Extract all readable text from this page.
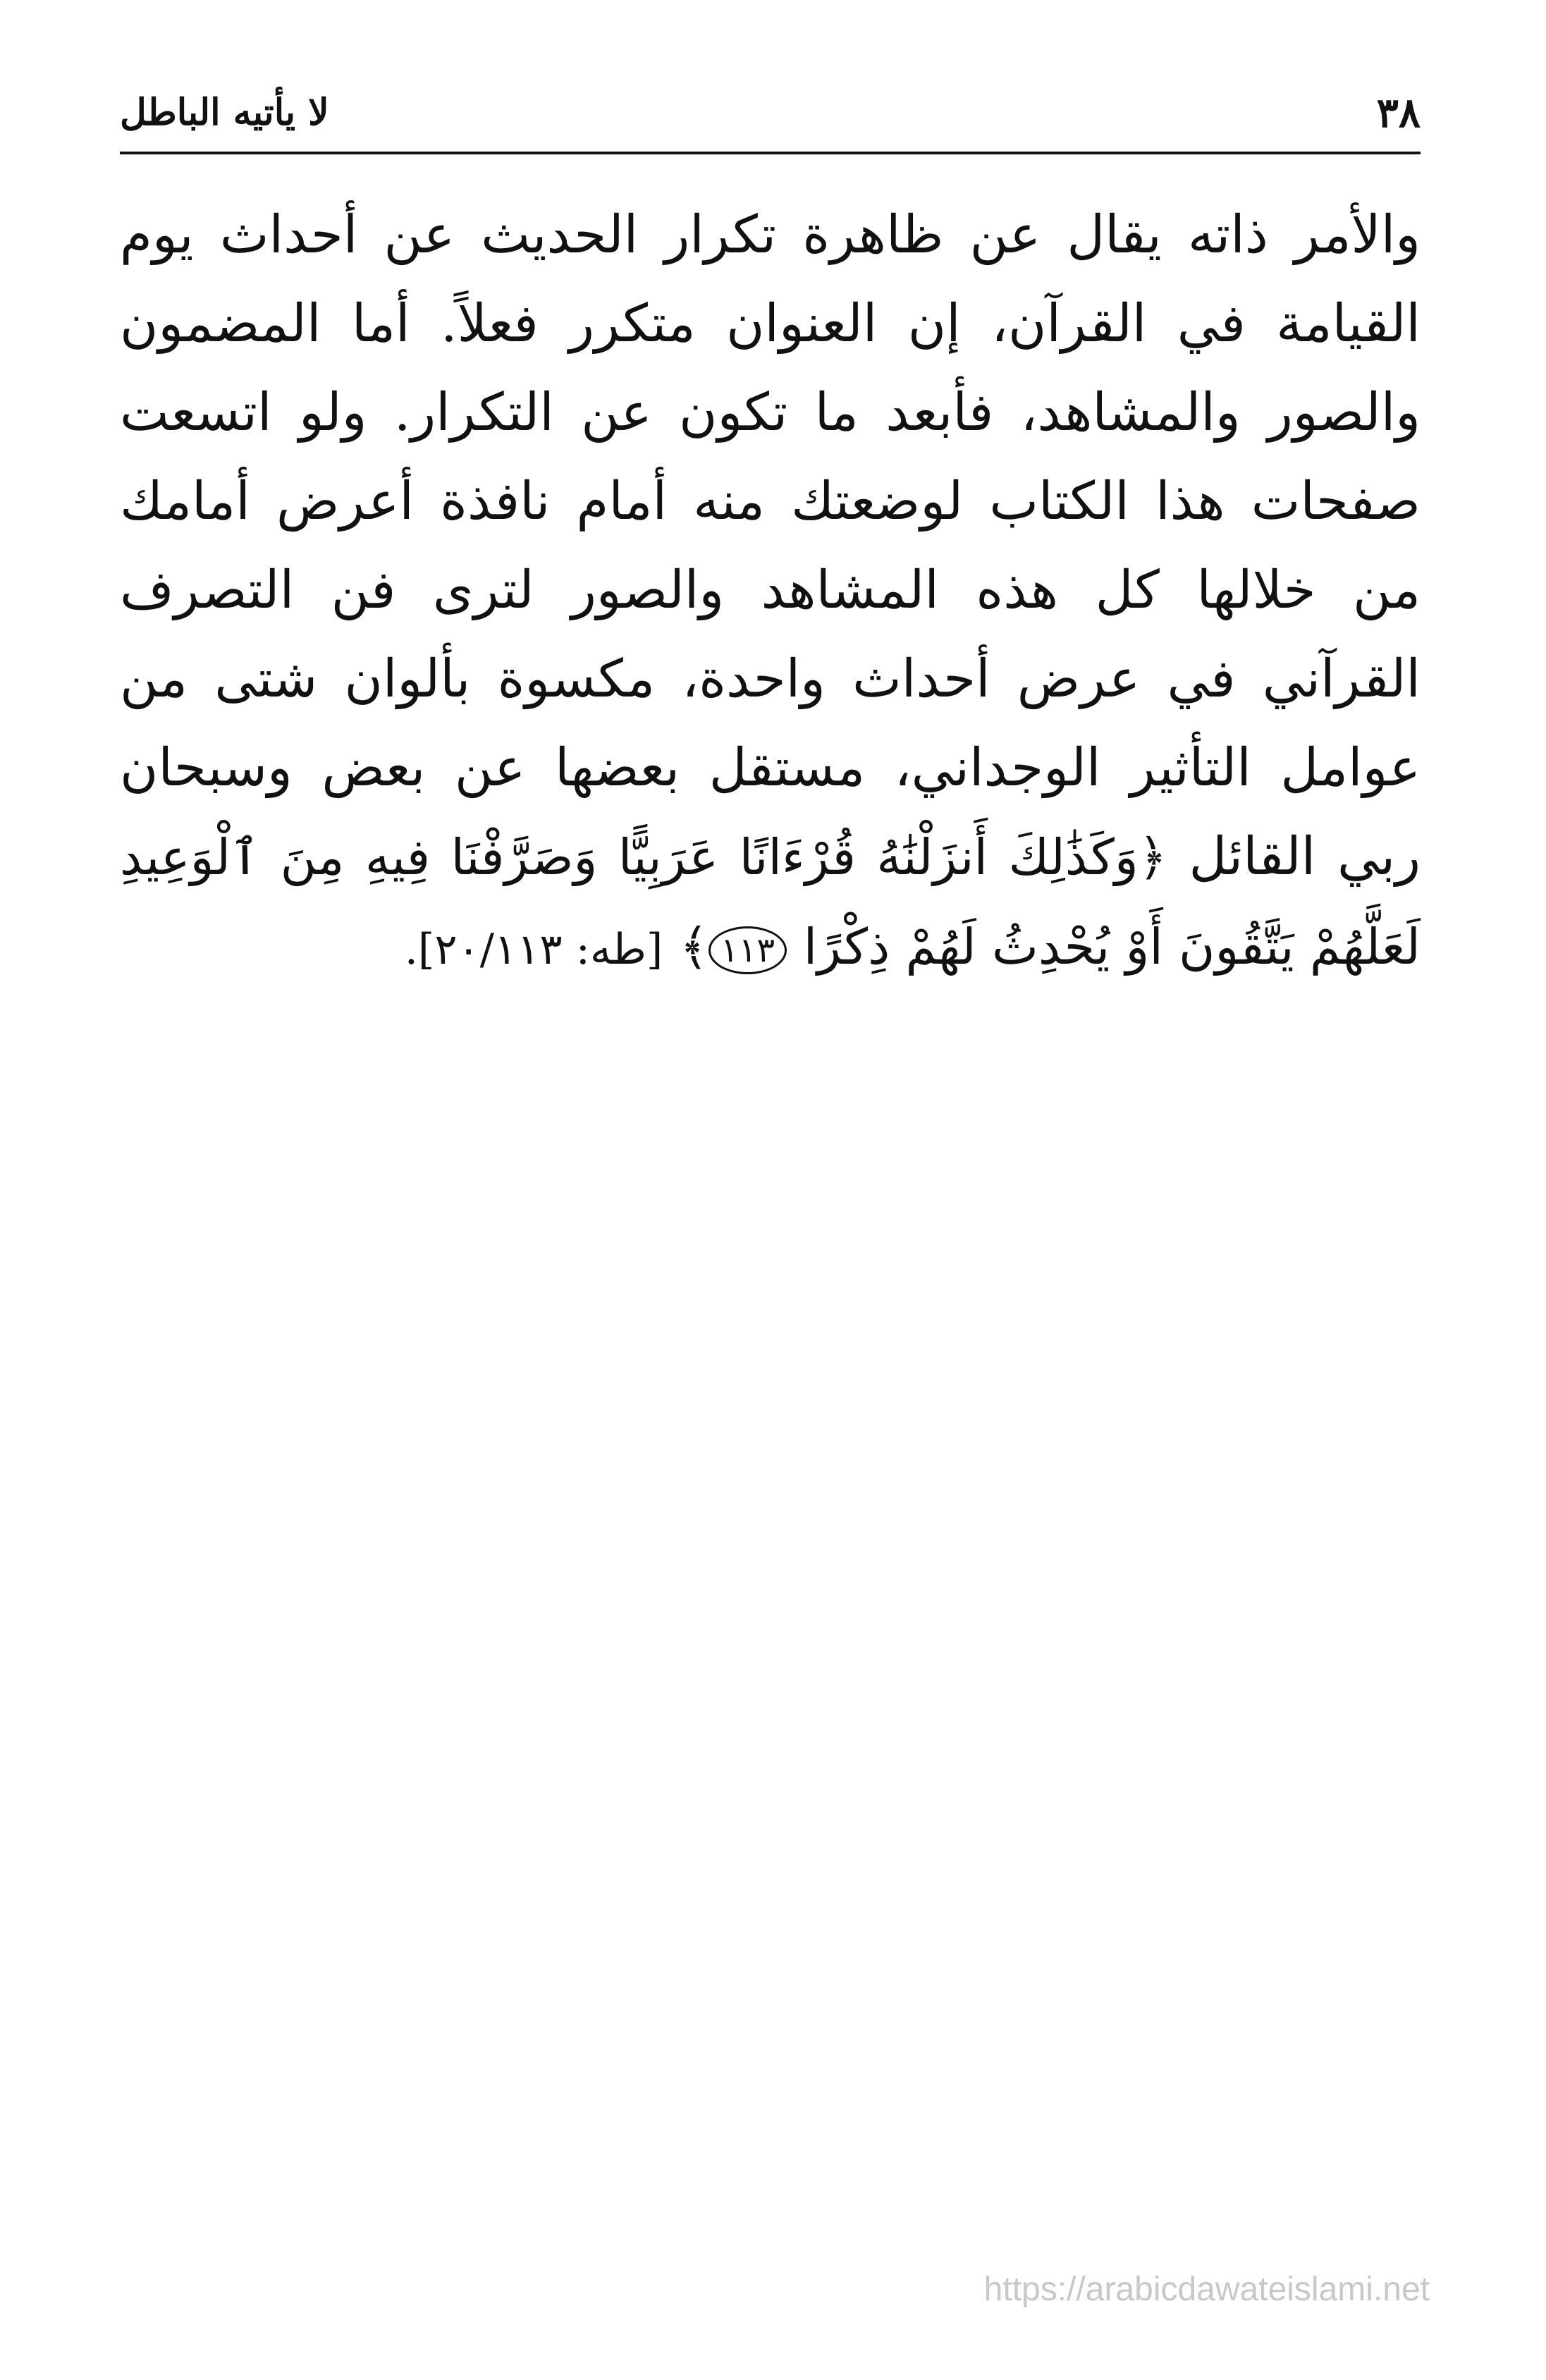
٣٨
لا يأتيه الباطل

والأمر ذاته يقال عن ظاهرة تكرار الحديث عن أحداث يوم القيامة في القرآن، إن العنوان متكرر فعلاً. أما المضمون والصور والمشاهد، فأبعد ما تكون عن التكرار. ولو اتسعت صفحات هذا الكتاب لوضعتك منه أمام نافذة أعرض أمامك من خلالها كل هذه المشاهد والصور لترى فن التصرف القرآني في عرض أحداث واحدة، مكسوة بألوان شتى من عوامل التأثير الوجداني، مستقل بعضها عن بعض وسبحان ربي القائل ﴿وَكَذَٰلِكَ أَنزَلْنَٰهُ قُرْءَانًا عَرَبِيًّا وَصَرَّفْنَا فِيهِ مِنَ ٱلْوَعِيدِ لَعَلَّهُمْ يَتَّقُونَ أَوْ يُحْدِثُ لَهُمْ ذِكْرًا ١١٣﴾ [طه: ٢٠/١١٣].

https://arabicdawateislami.net
